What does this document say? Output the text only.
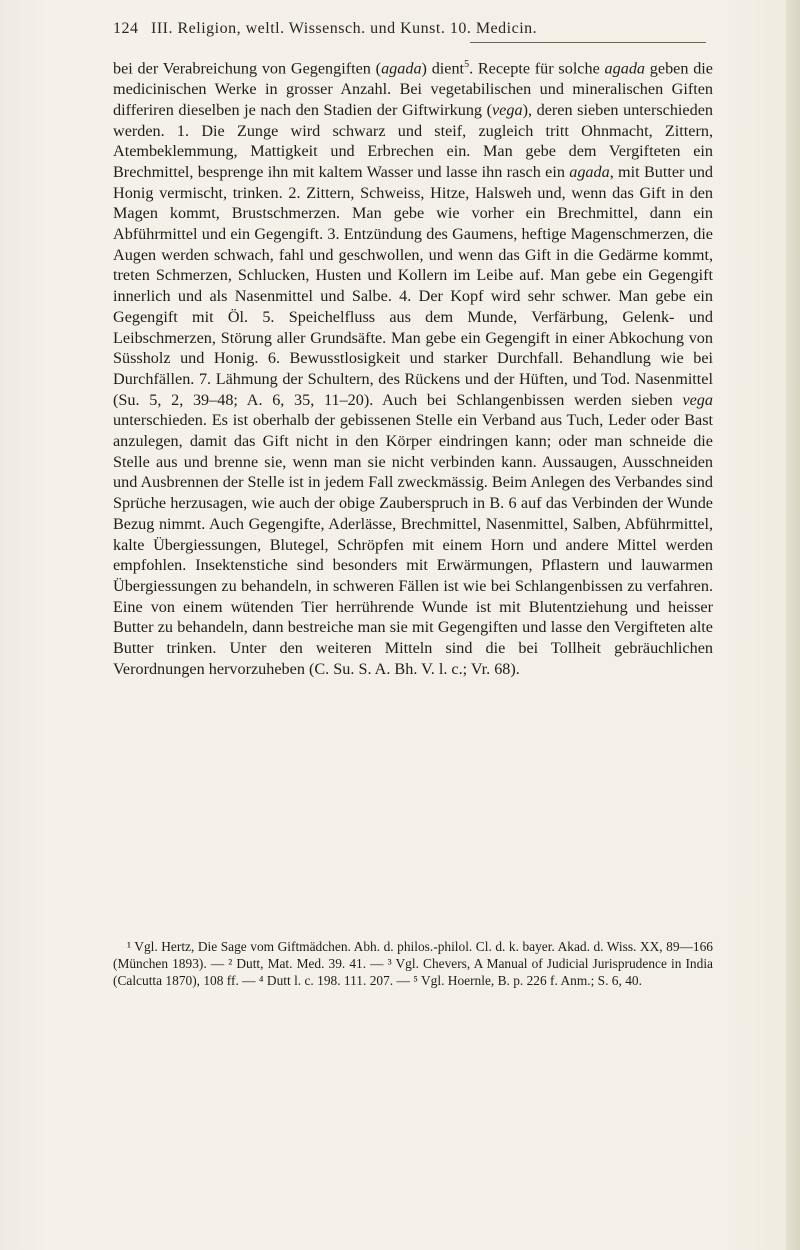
124 III. Religion, weltl. Wissensch. und Kunst. 10. Medicin.

bei der Verabreichung von Gegengiften (agada) dient$^5$. Recepte für solche agada geben die medicinischen Werke in grosser Anzahl. Bei vegetabilischen und mineralischen Giften differiren dieselben je nach den Stadien der Giftwirkung (vega), deren sieben unterschieden werden. 1. Die Zunge wird schwarz und steif, zugleich tritt Ohnmacht, Zittern, Atembeklemmung, Mattigkeit und Erbrechen ein. Man gebe dem Vergifteten ein Brechmittel, besprenge ihn mit kaltem Wasser und lasse ihn rasch ein agada, mit Butter und Honig vermischt, trinken. 2. Zittern, Schweiss, Hitze, Halsweh und, wenn das Gift in den Magen kommt, Brustschmerzen. Man gebe wie vorher ein Brechmittel, dann ein Abführmittel und ein Gegengift. 3. Entzündung des Gaumens, heftige Magenschmerzen, die Augen werden schwach, fahl und geschwollen, und wenn das Gift in die Gedärme kommt, treten Schmerzen, Schlucken, Husten und Kollern im Leibe auf. Man gebe ein Gegengift innerlich und als Nasenmittel und Salbe. 4. Der Kopf wird sehr schwer. Man gebe ein Gegengift mit Öl. 5. Speichelfluss aus dem Munde, Verfärbung, Gelenk- und Leibschmerzen, Störung aller Grundsäfte. Man gebe ein Gegengift in einer Abkochung von Süssholz und Honig. 6. Bewusstlosigkeit und starker Durchfall. Behandlung wie bei Durchfällen. 7. Lähmung der Schultern, des Rückens und der Hüften, und Tod. Nasenmittel (Su. 5, 2, 39–48; A. 6, 35, 11–20). Auch bei Schlangenbissen werden sieben vega unterschieden. Es ist oberhalb der gebissenen Stelle ein Verband aus Tuch, Leder oder Bast anzulegen, damit das Gift nicht in den Körper eindringen kann; oder man schneide die Stelle aus und brenne sie, wenn man sie nicht verbinden kann. Aussaugen, Ausschneiden und Ausbrennen der Stelle ist in jedem Fall zweckmässig. Beim Anlegen des Verbandes sind Sprüche herzusagen, wie auch der obige Zauberspruch in B. 6 auf das Verbinden der Wunde Bezug nimmt. Auch Gegengifte, Aderlässe, Brechmittel, Nasenmittel, Salben, Abführmittel, kalte Übergiessungen, Blutegel, Schröpfen mit einem Horn und andere Mittel werden empfohlen. Insektenstiche sind besonders mit Erwärmungen, Pflastern und lauwarmen Übergiessungen zu behandeln, in schweren Fällen ist wie bei Schlangenbissen zu verfahren. Eine von einem wütenden Tier herrührende Wunde ist mit Blutentziehung und heisser Butter zu behandeln, dann bestreiche man sie mit Gegengiften und lasse den Vergifteten alte Butter trinken. Unter den weiteren Mitteln sind die bei Tollheit gebräuchlichen Verordnungen hervorzuheben (C. Su. S. A. Bh. V. l. c.; Vr. 68).

¹ Vgl. Hertz, Die Sage vom Giftmädchen. Abh. d. philos.-philol. Cl. d. k. bayer. Akad. d. Wiss. XX, 89—166 (München 1893). — ² Dutt, Mat. Med. 39. 41. — ³ Vgl. Chevers, A Manual of Judicial Jurisprudence in India (Calcutta 1870), 108 ff. — ⁴ Dutt l. c. 198. 111. 207. — ⁵ Vgl. Hoernle, B. p. 226 f. Anm.; S. 6, 40.
